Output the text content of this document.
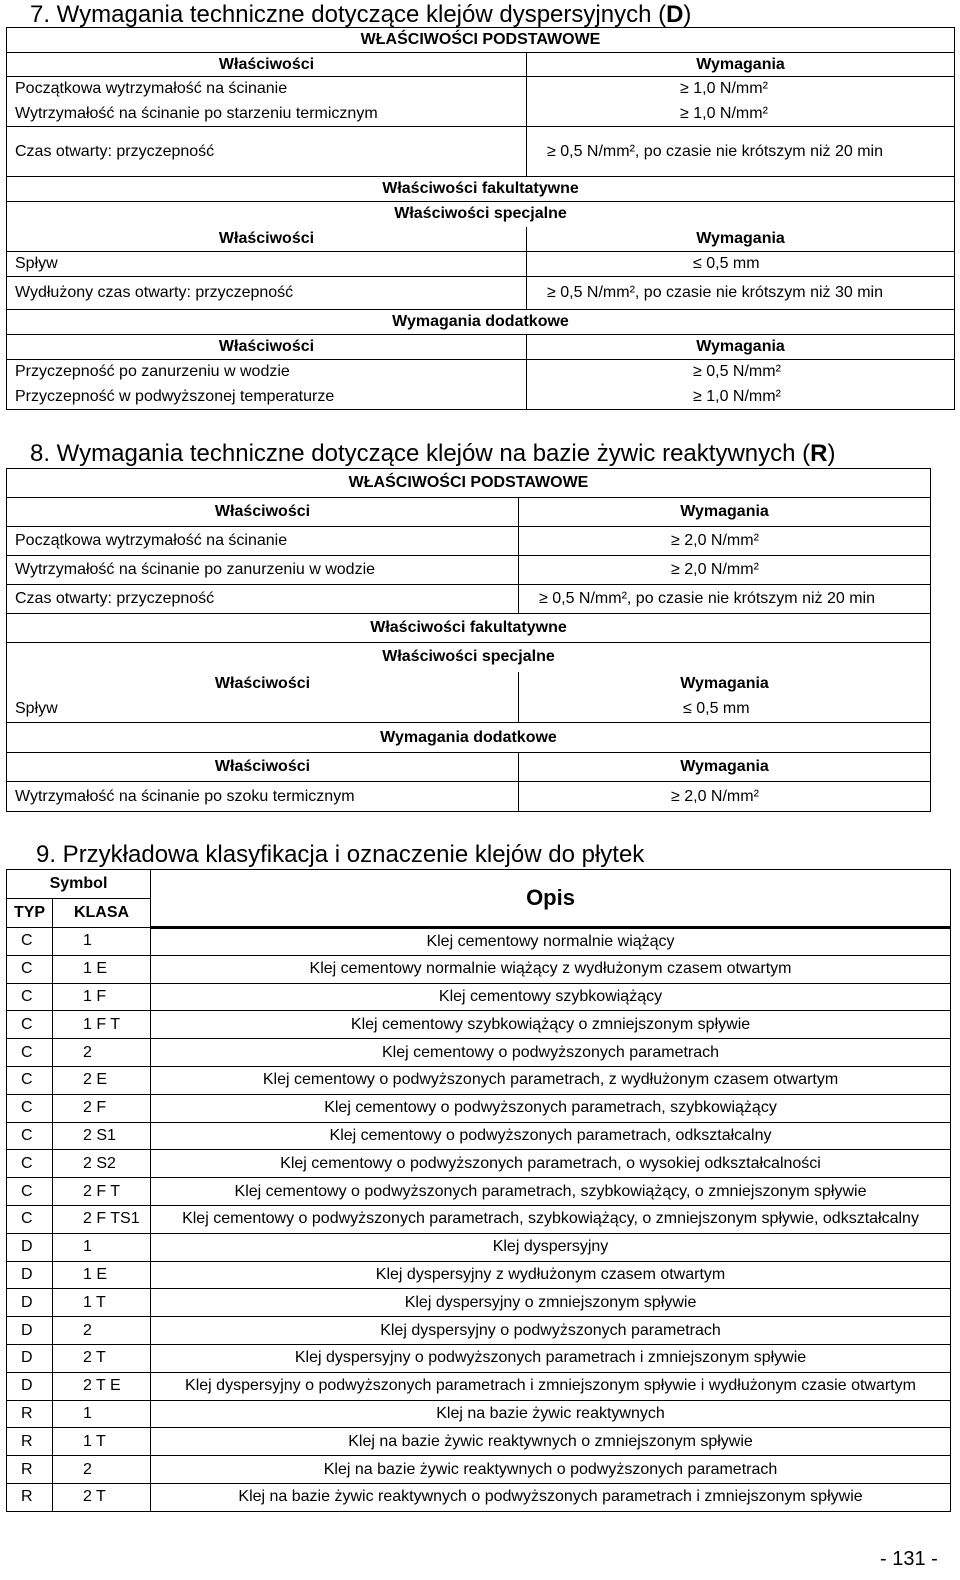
7. Wymagania techniczne dotyczące klejów dyspersyjnych (D)
WŁAŚCIWOŚCI PODSTAWOWE	
Właściwości	Wymagania
Początkowa wytrzymałość na ścinanie	≥ 1,0 N/mm²
Wytrzymałość na ścinanie po starzeniu termicznym	≥ 1,0 N/mm²
Czas otwarty: przyczepność	≥ 0,5 N/mm², po czasie nie krótszym niż 20 min
Właściwości fakultatywne	
Właściwości specjalne	
Właściwości	Wymagania
Spływ	≤ 0,5 mm
Wydłużony czas otwarty: przyczepność	≥ 0,5 N/mm², po czasie nie krótszym niż 30 min
Wymagania dodatkowe	
Właściwości	Wymagania
Przyczepność po zanurzeniu w wodzie	≥ 0,5 N/mm²
Przyczepność w podwyższonej temperaturze	≥ 1,0 N/mm²
8. Wymagania techniczne dotyczące klejów na bazie żywic reaktywnych (R)
WŁAŚCIWOŚCI PODSTAWOWE	
Właściwości	Wymagania
Początkowa wytrzymałość na ścinanie	≥ 2,0 N/mm²
Wytrzymałość na ścinanie po zanurzeniu w wodzie	≥ 2,0 N/mm²
Czas otwarty: przyczepność	≥ 0,5 N/mm², po czasie nie krótszym niż 20 min
Właściwości fakultatywne	
Właściwości specjalne	
Właściwości	Wymagania
Spływ	≤ 0,5 mm
Wymagania dodatkowe	
Właściwości	Wymagania
Wytrzymałość na ścinanie po szoku termicznym	≥ 2,0 N/mm²
9. Przykładowa klasyfikacja i oznaczenie klejów do płytek
Symbol		Opis
TYP	KLASA	
C	1	Klej cementowy normalnie wiążący
C	1 E	Klej cementowy normalnie wiążący z wydłużonym czasem otwartym
C	1 F	Klej cementowy szybkowiążący
C	1 F T	Klej cementowy szybkowiążący o zmniejszonym spływie
C	2	Klej cementowy o podwyższonych parametrach
C	2 E	Klej cementowy o podwyższonych parametrach, z wydłużonym czasem otwartym
C	2 F	Klej cementowy o podwyższonych parametrach, szybkowiążący
C	2 S1	Klej cementowy o podwyższonych parametrach, odkształcalny
C	2 S2	Klej cementowy o podwyższonych parametrach, o wysokiej odkształcalności
C	2 F T	Klej cementowy o podwyższonych parametrach, szybkowiążący, o zmniejszonym spływie
C	2 F TS1	Klej cementowy o podwyższonych parametrach, szybkowiążący, o zmniejszonym spływie, odkształcalny
D	1	Klej dyspersyjny
D	1 E	Klej dyspersyjny z wydłużonym czasem otwartym
D	1 T	Klej dyspersyjny o zmniejszonym spływie
D	2	Klej dyspersyjny o podwyższonych parametrach
D	2 T	Klej dyspersyjny o podwyższonych parametrach i zmniejszonym spływie
D	2 T E	Klej dyspersyjny o podwyższonych parametrach i zmniejszonym spływie i wydłużonym czasie otwartym
R	1	Klej na bazie żywic reaktywnych
R	1 T	Klej na bazie żywic reaktywnych o zmniejszonym spływie
R	2	Klej na bazie żywic reaktywnych o podwyższonych parametrach
R	2 T	Klej na bazie żywic reaktywnych o podwyższonych parametrach i zmniejszonym spływie
- 131 -
